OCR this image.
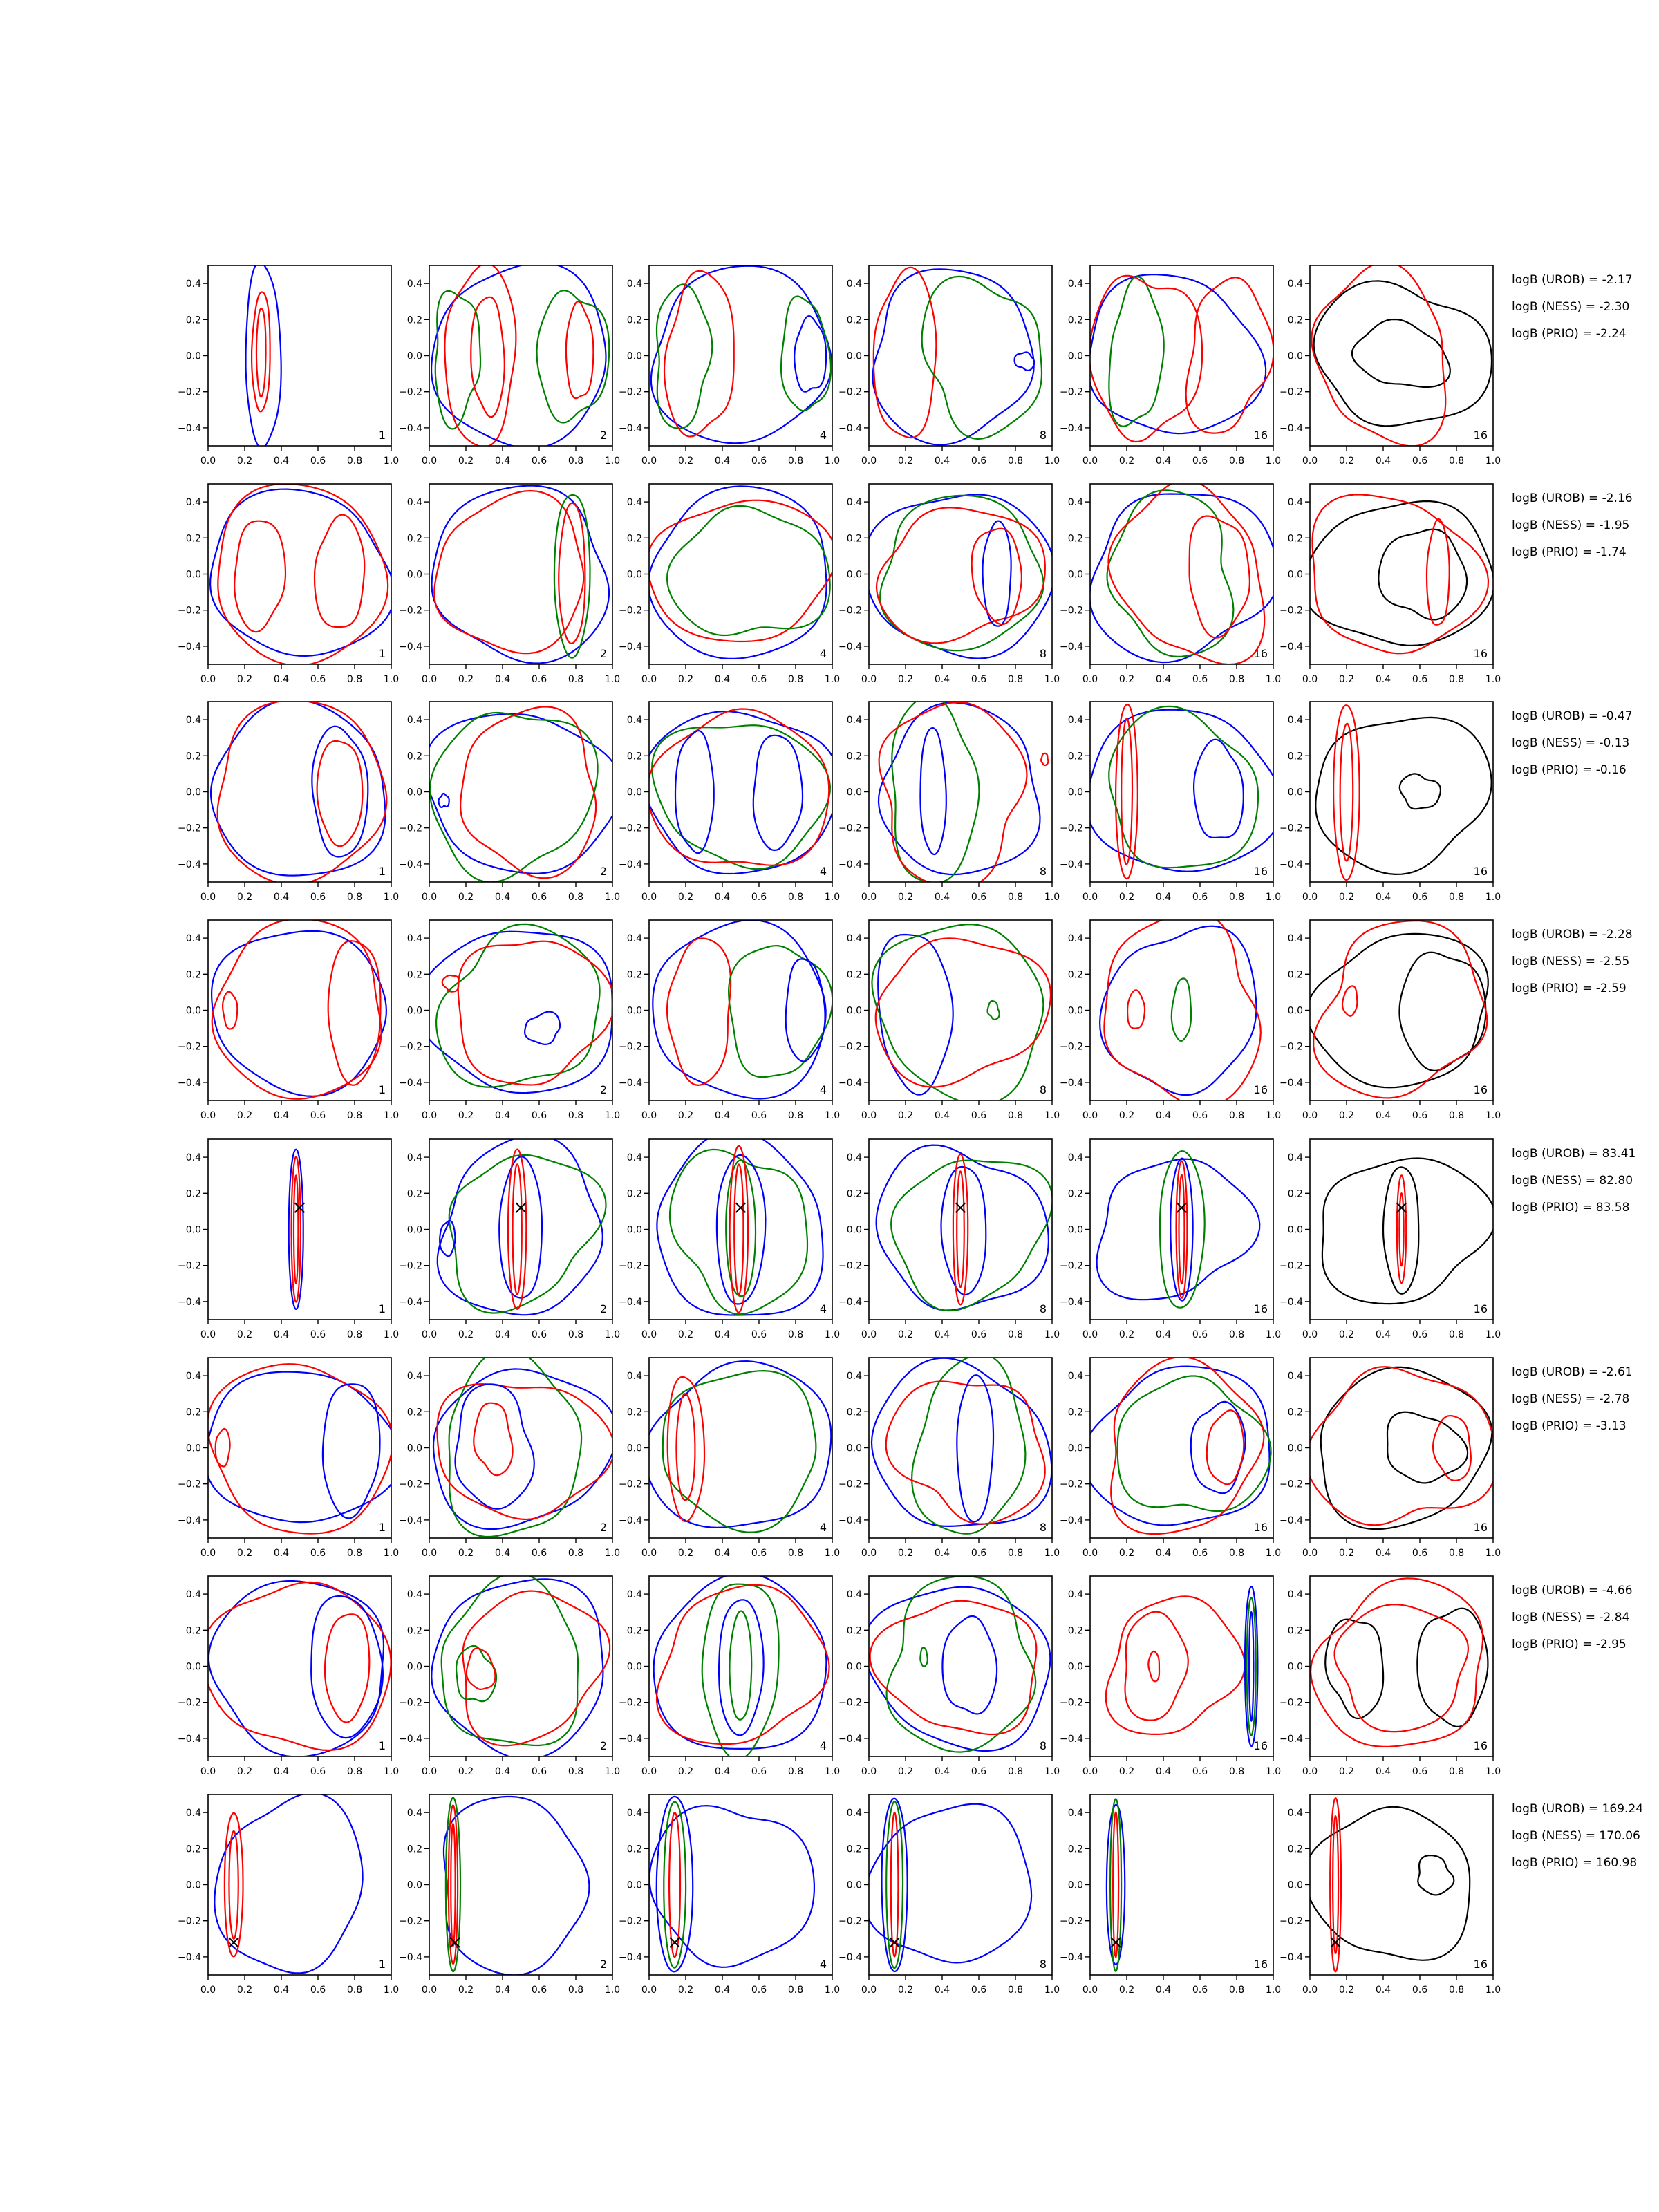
0.0 0.2 0.4 0.6 0.8 1.0
0.4
0.2
0.0
−0.2
−0.4
1
0.0 0.2 0.4 0.6 0.8 1.0
0.4
0.2
0.0
−0.2
−0.4
2
0.0 0.2 0.4 0.6 0.8 1.0
0.4
0.2
0.0
−0.2
−0.4
4
0.0 0.2 0.4 0.6 0.8 1.0
0.4
0.2
0.0
−0.2
−0.4
8
0.0 0.2 0.4 0.6 0.8 1.0
0.4
0.2
0.0
−0.2
−0.4
16
0.0 0.2 0.4 0.6 0.8 1.0
0.4
0.2
0.0
−0.2
−0.4
16
logB (UROB) = -2.17
logB (NESS) = -2.30
logB (PRIO) = -2.24
0.0 0.2 0.4 0.6 0.8 1.0
0.4
0.2
0.0
−0.2
−0.4
1
0.0 0.2 0.4 0.6 0.8 1.0
0.4
0.2
0.0
−0.2
−0.4
2
0.0 0.2 0.4 0.6 0.8 1.0
0.4
0.2
0.0
−0.2
−0.4
4
0.0 0.2 0.4 0.6 0.8 1.0
0.4
0.2
0.0
−0.2
−0.4
8
0.0 0.2 0.4 0.6 0.8 1.0
0.4
0.2
0.0
−0.2
−0.4
16
0.0 0.2 0.4 0.6 0.8 1.0
0.4
0.2
0.0
−0.2
−0.4
16
logB (UROB) = -2.16
logB (NESS) = -1.95
logB (PRIO) = -1.74
0.0 0.2 0.4 0.6 0.8 1.0
0.4
0.2
0.0
−0.2
−0.4
1
0.0 0.2 0.4 0.6 0.8 1.0
0.4
0.2
0.0
−0.2
−0.4
2
0.0 0.2 0.4 0.6 0.8 1.0
0.4
0.2
0.0
−0.2
−0.4
4
0.0 0.2 0.4 0.6 0.8 1.0
0.4
0.2
0.0
−0.2
−0.4
8
0.0 0.2 0.4 0.6 0.8 1.0
0.4
0.2
0.0
−0.2
−0.4
16
0.0 0.2 0.4 0.6 0.8 1.0
0.4
0.2
0.0
−0.2
−0.4
16
logB (UROB) = -0.47
logB (NESS) = -0.13
logB (PRIO) = -0.16
0.0 0.2 0.4 0.6 0.8 1.0
0.4
0.2
0.0
−0.2
−0.4
1
0.0 0.2 0.4 0.6 0.8 1.0
0.4
0.2
0.0
−0.2
−0.4
2
0.0 0.2 0.4 0.6 0.8 1.0
0.4
0.2
0.0
−0.2
−0.4
4
0.0 0.2 0.4 0.6 0.8 1.0
0.4
0.2
0.0
−0.2
−0.4
8
0.0 0.2 0.4 0.6 0.8 1.0
0.4
0.2
0.0
−0.2
−0.4
16
0.0 0.2 0.4 0.6 0.8 1.0
0.4
0.2
0.0
−0.2
−0.4
16
logB (UROB) = -2.28
logB (NESS) = -2.55
logB (PRIO) = -2.59
0.0 0.2 0.4 0.6 0.8 1.0
0.4
0.2
0.0
−0.2
−0.4
1
0.0 0.2 0.4 0.6 0.8 1.0
0.4
0.2
0.0
−0.2
−0.4
2
0.0 0.2 0.4 0.6 0.8 1.0
0.4
0.2
0.0
−0.2
−0.4
4
0.0 0.2 0.4 0.6 0.8 1.0
0.4
0.2
0.0
−0.2
−0.4
8
0.0 0.2 0.4 0.6 0.8 1.0
0.4
0.2
0.0
−0.2
−0.4
16
0.0 0.2 0.4 0.6 0.8 1.0
0.4
0.2
0.0
−0.2
−0.4
16
logB (UROB) = 83.41
logB (NESS) = 82.80
logB (PRIO) = 83.58
0.0 0.2 0.4 0.6 0.8 1.0
0.4
0.2
0.0
−0.2
−0.4
1
0.0 0.2 0.4 0.6 0.8 1.0
0.4
0.2
0.0
−0.2
−0.4
2
0.0 0.2 0.4 0.6 0.8 1.0
0.4
0.2
0.0
−0.2
−0.4
4
0.0 0.2 0.4 0.6 0.8 1.0
0.4
0.2
0.0
−0.2
−0.4
8
0.0 0.2 0.4 0.6 0.8 1.0
0.4
0.2
0.0
−0.2
−0.4
16
0.0 0.2 0.4 0.6 0.8 1.0
0.4
0.2
0.0
−0.2
−0.4
16
logB (UROB) = -2.61
logB (NESS) = -2.78
logB (PRIO) = -3.13
0.0 0.2 0.4 0.6 0.8 1.0
0.4
0.2
0.0
−0.2
−0.4
1
0.0 0.2 0.4 0.6 0.8 1.0
0.4
0.2
0.0
−0.2
−0.4
2
0.0 0.2 0.4 0.6 0.8 1.0
0.4
0.2
0.0
−0.2
−0.4
4
0.0 0.2 0.4 0.6 0.8 1.0
0.4
0.2
0.0
−0.2
−0.4
8
0.0 0.2 0.4 0.6 0.8 1.0
0.4
0.2
0.0
−0.2
−0.4
16
0.0 0.2 0.4 0.6 0.8 1.0
0.4
0.2
0.0
−0.2
−0.4
16
logB (UROB) = -4.66
logB (NESS) = -2.84
logB (PRIO) = -2.95
0.0 0.2 0.4 0.6 0.8 1.0
0.4
0.2
0.0
−0.2
−0.4
1
0.0 0.2 0.4 0.6 0.8 1.0
0.4
0.2
0.0
−0.2
−0.4
2
0.0 0.2 0.4 0.6 0.8 1.0
0.4
0.2
0.0
−0.2
−0.4
4
0.0 0.2 0.4 0.6 0.8 1.0
0.4
0.2
0.0
−0.2
−0.4
8
0.0 0.2 0.4 0.6 0.8 1.0
0.4
0.2
0.0
−0.2
−0.4
16
0.0 0.2 0.4 0.6 0.8 1.0
0.4
0.2
0.0
−0.2
−0.4
16
logB (UROB) = 169.24
logB (NESS) = 170.06
logB (PRIO) = 160.98
